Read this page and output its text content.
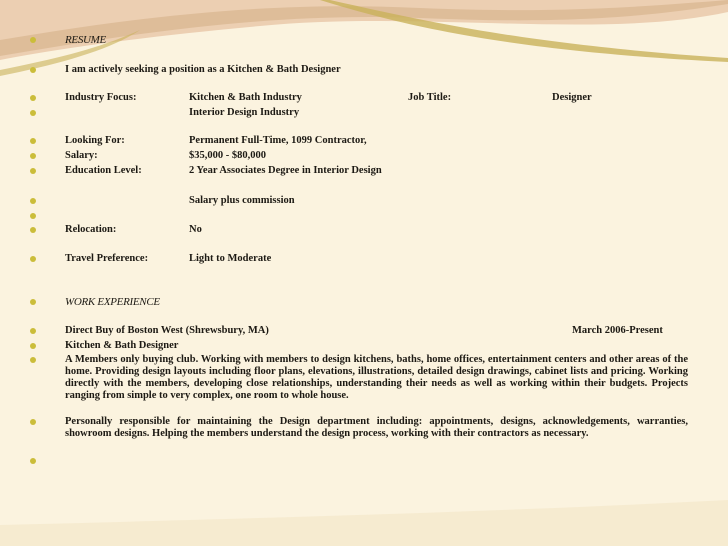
RESUME
I am actively seeking a position as a Kitchen & Bath Designer
Industry Focus:	Kitchen & Bath Industry	Job Title:	Designer
Interior Design Industry
Looking For:	Permanent Full-Time, 1099 Contractor,
Salary:	$35,000 - $80,000
Education Level:	2 Year Associates Degree in Interior Design
Salary plus commission
Relocation:	No
Travel Preference:	Light to Moderate
WORK EXPERIENCE
Direct Buy of Boston West (Shrewsbury, MA)	March 2006-Present
Kitchen & Bath Designer
A Members only buying club. Working with members to design kitchens, baths, home offices, entertainment centers and other areas of the home. Providing design layouts including floor plans, elevations, illustrations, detailed design drawings, cabinet lists and pricing. Working directly with the members, developing close relationships, understanding their needs as well as working within their budgets. Projects ranging from simple to very complex, one room to whole house.
Personally responsible for maintaining the Design department including: appointments, designs, acknowledgements, warranties, showroom designs. Helping the members understand the design process, working with their contractors as necessary.
